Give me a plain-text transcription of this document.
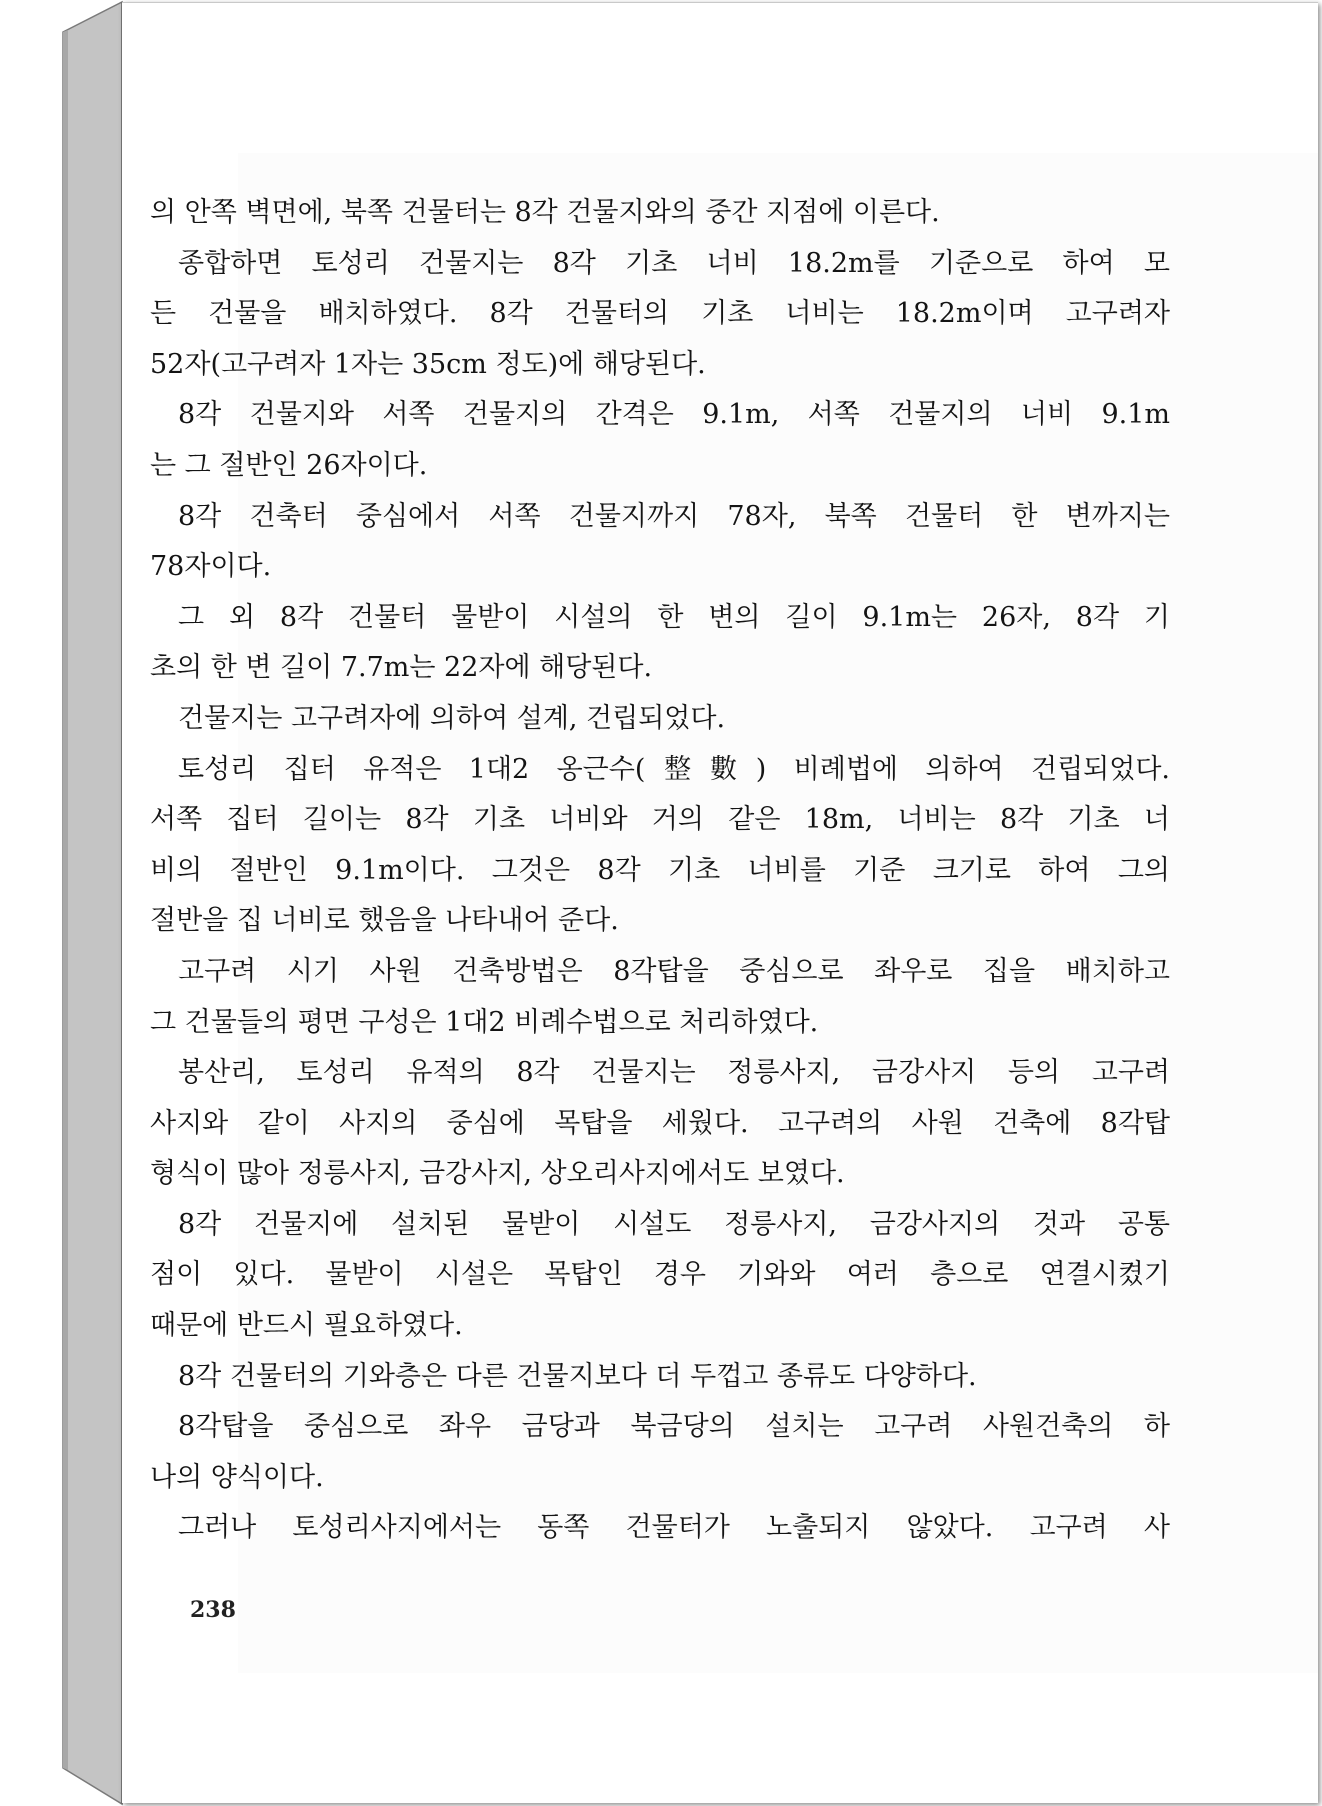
의 안쪽 벽면에, 북쪽 건물터는 8각 건물지와의 중간 지점에 이른다.
종합하면 토성리 건물지는 8각 기초 너비 18.2m를 기준으로 하여 모
든 건물을 배치하였다. 8각 건물터의 기초 너비는 18.2m이며 고구려자
52자(고구려자 1자는 35cm 정도)에 해당된다.
8각 건물지와 서쪽 건물지의 간격은 9.1m, 서쪽 건물지의 너비 9.1m
는 그 절반인 26자이다.
8각 건축터 중심에서 서쪽 건물지까지 78자, 북쪽 건물터 한 변까지는
78자이다.
그 외 8각 건물터 물받이 시설의 한 변의 길이 9.1m는 26자, 8각 기
초의 한 변 길이 7.7m는 22자에 해당된다.
건물지는 고구려자에 의하여 설계, 건립되었다.
토성리 집터 유적은 1대2 옹근수(整數) 비례법에 의하여 건립되었다.
서쪽 집터 길이는 8각 기초 너비와 거의 같은 18m, 너비는 8각 기초 너
비의 절반인 9.1m이다. 그것은 8각 기초 너비를 기준 크기로 하여 그의
절반을 집 너비로 했음을 나타내어 준다.
고구려 시기 사원 건축방법은 8각탑을 중심으로 좌우로 집을 배치하고
그 건물들의 평면 구성은 1대2 비례수법으로 처리하였다.
봉산리, 토성리 유적의 8각 건물지는 정릉사지, 금강사지 등의 고구려
사지와 같이 사지의 중심에 목탑을 세웠다. 고구려의 사원 건축에 8각탑
형식이 많아 정릉사지, 금강사지, 상오리사지에서도 보였다.
8각 건물지에 설치된 물받이 시설도 정릉사지, 금강사지의 것과 공통
점이 있다. 물받이 시설은 목탑인 경우 기와와 여러 층으로 연결시켰기
때문에 반드시 필요하였다.
8각 건물터의 기와층은 다른 건물지보다 더 두껍고 종류도 다양하다.
8각탑을 중심으로 좌우 금당과 북금당의 설치는 고구려 사원건축의 하
나의 양식이다.
그러나 토성리사지에서는 동쪽 건물터가 노출되지 않았다. 고구려 사
238
